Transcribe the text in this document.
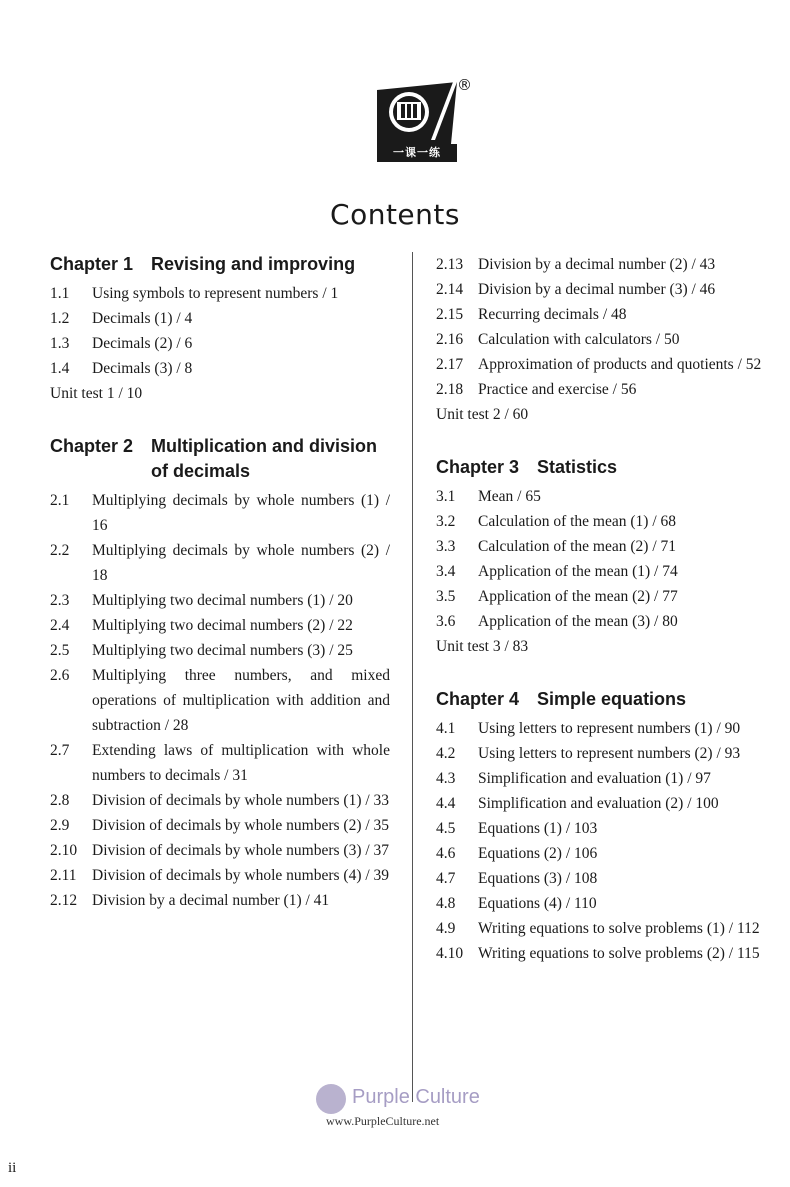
一课一练
®
Contents
Chapter 1 Revising and improving
1.1	Using symbols to represent numbers / 1
1.2	Decimals (1) / 4
1.3	Decimals (2) / 6
1.4	Decimals (3) / 8
Unit test 1 / 10
Chapter 2 Multiplication and division of decimals
2.1	Multiplying decimals by whole numbers (1) / 16
2.2	Multiplying decimals by whole numbers (2) / 18
2.3	Multiplying two decimal numbers (1) / 20
2.4	Multiplying two decimal numbers (2) / 22
2.5	Multiplying two decimal numbers (3) / 25
2.6	Multiplying three numbers, and mixed operations of multiplication with addition and subtraction / 28
2.7	Extending laws of multiplication with whole numbers to decimals / 31
2.8	Division of decimals by whole numbers (1) / 33
2.9	Division of decimals by whole numbers (2) / 35
2.10 Division of decimals by whole numbers (3) / 37
2.11 Division of decimals by whole numbers (4) / 39
2.12 Division by a decimal number (1) / 41
2.13 Division by a decimal number (2) / 43
2.14 Division by a decimal number (3) / 46
2.15 Recurring decimals / 48
2.16 Calculation with calculators / 50
2.17 Approximation of products and quotients / 52
2.18 Practice and exercise / 56
Unit test 2 / 60
Chapter 3 Statistics
3.1	Mean / 65
3.2	Calculation of the mean (1) / 68
3.3	Calculation of the mean (2) / 71
3.4	Application of the mean (1) / 74
3.5	Application of the mean (2) / 77
3.6	Application of the mean (3) / 80
Unit test 3 / 83
Chapter 4 Simple equations
4.1	Using letters to represent numbers (1) / 90
4.2	Using letters to represent numbers (2) / 93
4.3	Simplification and evaluation (1) / 97
4.4	Simplification and evaluation (2) / 100
4.5	Equations (1) / 103
4.6	Equations (2) / 106
4.7	Equations (3) / 108
4.8	Equations (4) / 110
4.9	Writing equations to solve problems (1) / 112
4.10 Writing equations to solve problems (2) / 115
Purple Culture
www.PurpleCulture.net
ii
